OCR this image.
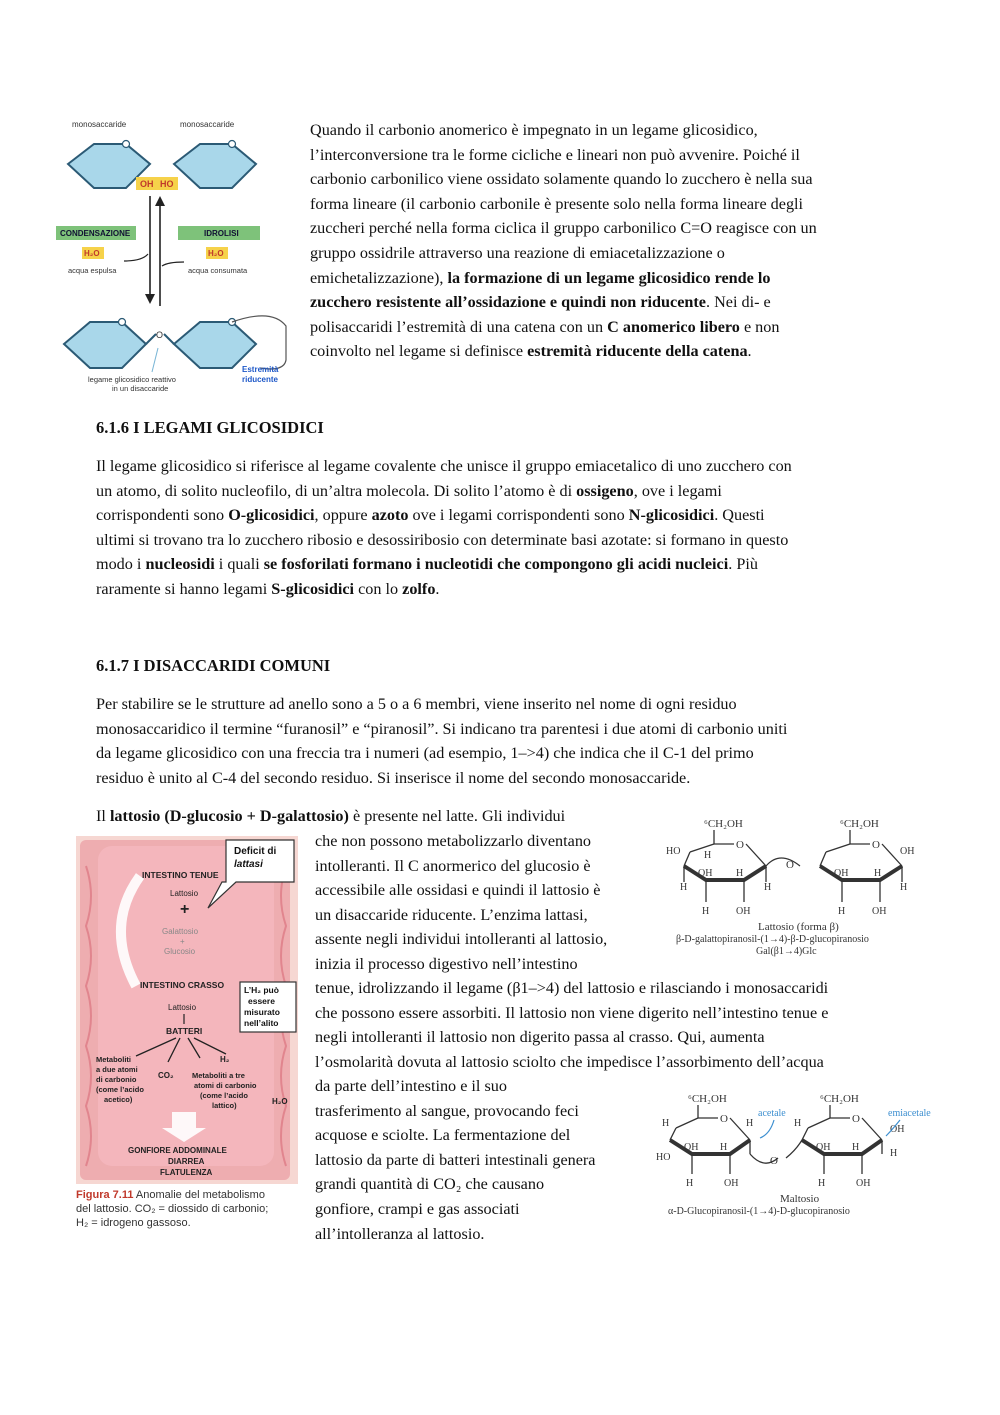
monosaccaride	monosaccaride
OH HO
CONDENSAZIONE	IDROLISI
H₂O	H₂O
acqua espulsa	acqua consumata
O
legame glicosidico reattivo
in un disaccaride
Estremità
riducente
Quando il carbonio anomerico è impegnato in un legame glicosidico,
l’interconversione tra le forme cicliche e lineari non può avvenire. Poiché il
carbonio carbonilico viene ossidato solamente quando lo zucchero è nella sua
forma lineare (il carbonio carbonile è presente solo nella forma lineare degli
zuccheri perché nella forma ciclica il gruppo carbonilico C=O reagisce con un
gruppo ossidrile attraverso una reazione di emiacetalizzazione o
emichetalizzazione), la formazione di un legame glicosidico rende lo
zucchero resistente all’ossidazione e quindi non riducente. Nei di- e
polisaccaridi l’estremità di una catena con un C anomerico libero e non
coinvolto nel legame si definisce estremità riducente della catena.
6.1.6 I LEGAMI GLICOSIDICI
Il legame glicosidico si riferisce al legame covalente che unisce il gruppo emiacetalico di uno zucchero con
un atomo, di solito nucleofilo, di un’altra molecola. Di solito l’atomo è di ossigeno, ove i legami
corrispondenti sono O-glicosidici, oppure azoto ove i legami corrispondenti sono N-glicosidici. Questi
ultimi si trovano tra lo zucchero ribosio e desossiribosio con determinate basi azotate: si formano in questo
modo i nucleosidi i quali se fosforilati formano i nucleotidi che compongono gli acidi nucleici. Più
raramente si hanno legami S-glicosidici con lo zolfo.
6.1.7 I DISACCARIDI COMUNI
Per stabilire se le strutture ad anello sono a 5 o a 6 membri, viene inserito nel nome di ogni residuo
monosaccaridico il termine “furanosil” e “piranosil”. Si indicano tra parentesi i due atomi di carbonio uniti
da legame glicosidico con una freccia tra i numeri (ad esempio, 1–>4) che indica che il C-1 del primo
residuo è unito al C-4 del secondo residuo. Si inserisce il nome del secondo monosaccaride.
Il lattosio (D-glucosio + D-galattosio) è presente nel latte. Gli individui
che non possono metabolizzarlo diventano
intolleranti. Il C anormerico del glucosio è
accessibile alle ossidasi e quindi il lattosio è
un disaccaride riducente. L’enzima lattasi,
assente negli individui intolleranti al lattosio,
inizia il processo digestivo nell’intestino
tenue, idrolizzando il legame (β1–>4) del lattosio e rilasciando i monosaccaridi
che possono essere assorbiti. Il lattosio non viene digerito nell’intestino tenue e
negli intolleranti il lattosio non digerito passa al crasso. Qui, aumenta
l’osmolarità dovuta al lattosio sciolto che impedisce l’assorbimento dell’acqua
da parte dell’intestino e il suo
trasferimento al sangue, provocando feci
acquose e sciolte. La fermentazione del
lattosio da parte di batteri intestinali genera
grandi quantità di CO₂ che causano
gonfiore, crampi e gas associati
all’intolleranza al lattosio.
Deficit di
lattasi
INTESTINO TENUE
Lattosio
+
Galattosio
+
Glucosio
INTESTINO CRASSO L’H₂ può
essere
misurato
nell’alito
Lattosio
BATTERI
Metaboliti
a due atomi
di carbonio
(come l’acido
acetico)
CO₂
H₂
Metaboliti a tre
atomi di carbonio
(come l’acido
lattico)	H₂O
GONFIORE ADDOMINALE
DIARREA
FLATULENZA
Figura 7.11 Anomalie del metabolismo
del lattosio. CO₂ = diossido di carbonio;
H₂ = idrogeno gassoso.
⁶CH₂OH	⁶CH₂OH
O
HO H
OH H
H	H
H	OH
O
O
OH
OH	H
H
H	OH
Lattosio (forma β)
β-D-galattopiranosil-(1→4)-β-D-glucopiranosio
Gal(β1→4)Glc
⁶CH₂OH	⁶CH₂OH
O
H
HO
OH H
H	OH
H
O
O
H
OH H
H	OH
OH
H
acetale	emiacetale
Maltosio
α-D-Glucopiranosil-(1→4)-D-glucopiranosio
